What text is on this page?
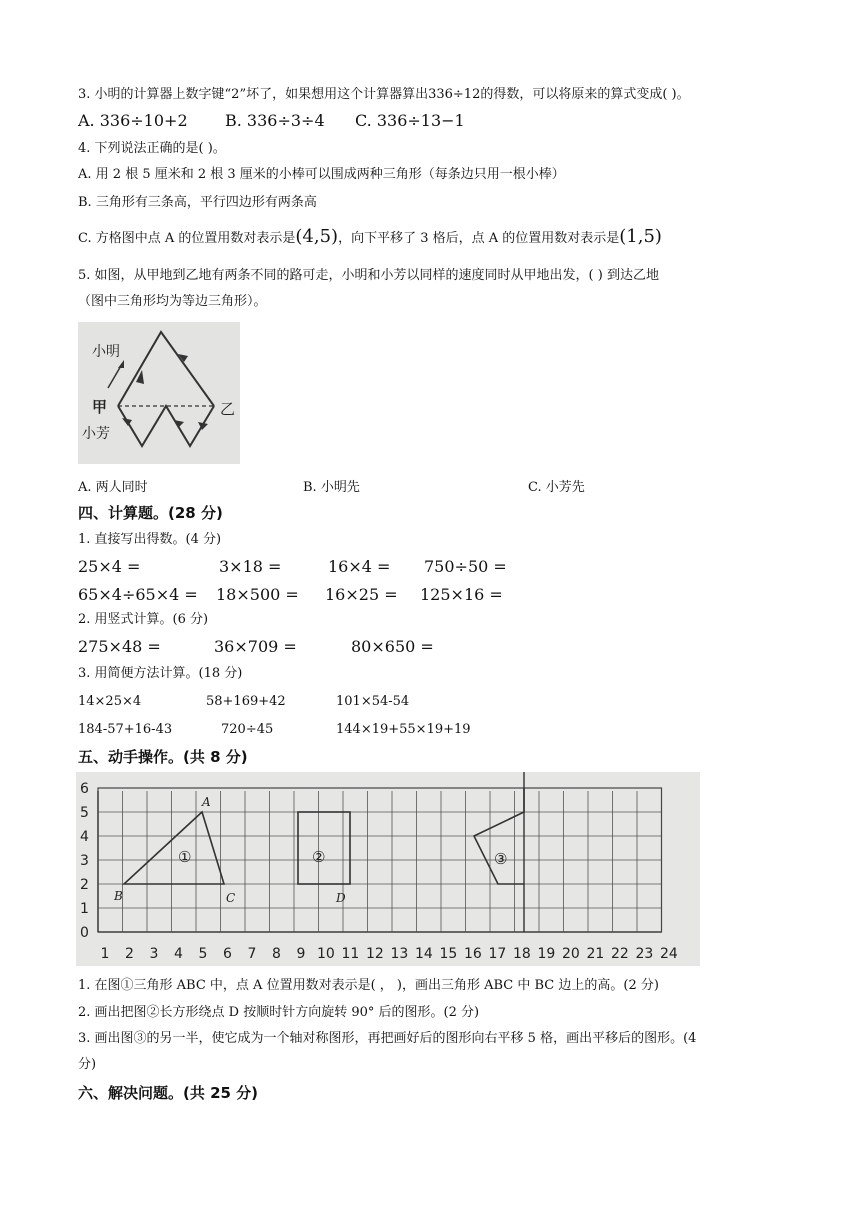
3. 小明的计算器上数字键“2”坏了，如果想用这个计算器算出336÷12的得数，可以将原来的算式变成( )。
A. 336÷10+2 B. 336÷3÷4 C. 336÷13−1
4. 下列说法正确的是( )。
A. 用 2 根 5 厘米和 2 根 3 厘米的小棒可以围成两种三角形（每条边只用一根小棒）
B. 三角形有三条高，平行四边形有两条高
C. 方格图中点 A 的位置用数对表示是(4,5)，向下平移了 3 格后，点 A 的位置用数对表示是(1,5)
5. 如图，从甲地到乙地有两条不同的路可走，小明和小芳以同样的速度同时从甲地出发，( ) 到达乙地
（图中三角形均为等边三角形）。
小明
甲
小芳
乙
A. 两人同时	B. 小明先	C. 小芳先
四、计算题。(28 分)
1. 直接写出得数。(4 分)
25×4 =	3×18 =	16×4 = 750÷50 =
65×4÷65×4 = 18×500 = 16×25 = 125×16 =
2. 用竖式计算。(6 分)
275×48 =	36×709 =	80×650 =
3. 用简便方法计算。(18 分)
14×25×4	58+169+42	101×54-54
184-57+16-43	720÷45	144×19+55×19+19
五、动手操作。(共 8 分)
A
B	C	D
①	②	③
0
1
2
3
4
5
6
1 2 3 4 5 6 7 8 9 10 11 12 13 14 15 16 17 18 19 20 21 22 23 24
1. 在图①三角形 ABC 中，点 A 位置用数对表示是( ， )，画出三角形 ABC 中 BC 边上的高。(2 分)
2. 画出把图②长方形绕点 D 按顺时针方向旋转 90° 后的图形。(2 分)
3. 画出图③的另一半，使它成为一个轴对称图形，再把画好后的图形向右平移 5 格，画出平移后的图形。(4
分)
六、解决问题。(共 25 分)
